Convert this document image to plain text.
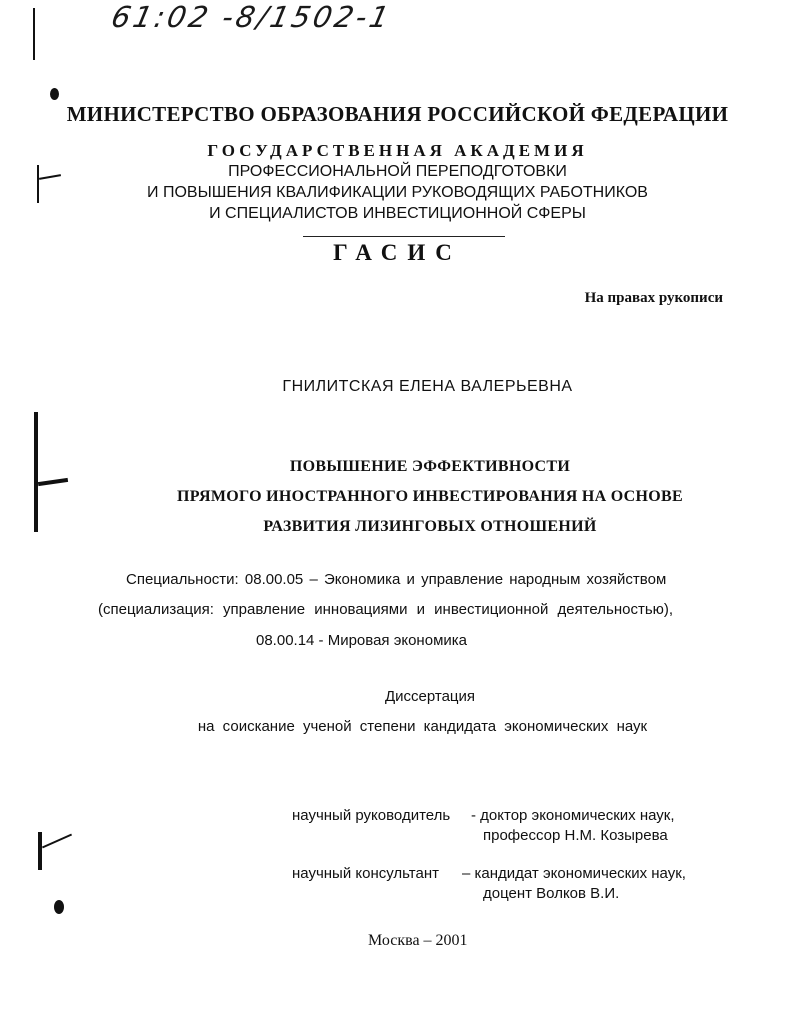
61:02 -8/1502-1
МИНИСТЕРСТВО ОБРАЗОВАНИЯ РОССИЙСКОЙ ФЕДЕРАЦИИ
ГОСУДАРСТВЕННАЯ АКАДЕМИЯ
ПРОФЕССИОНАЛЬНОЙ ПЕРЕПОДГОТОВКИ
И ПОВЫШЕНИЯ КВАЛИФИКАЦИИ РУКОВОДЯЩИХ РАБОТНИКОВ
И СПЕЦИАЛИСТОВ ИНВЕСТИЦИОННОЙ СФЕРЫ
ГАСИС
На правах рукописи
ГНИЛИТСКАЯ ЕЛЕНА ВАЛЕРЬЕВНА
ПОВЫШЕНИЕ ЭФФЕКТИВНОСТИ
ПРЯМОГО ИНОСТРАННОГО ИНВЕСТИРОВАНИЯ НА ОСНОВЕ
РАЗВИТИЯ ЛИЗИНГОВЫХ ОТНОШЕНИЙ
Специальности: 08.00.05 – Экономика и управление народным хозяйством
(специализация: управление инновациями и инвестиционной деятельностью),
08.00.14 - Мировая экономика
Диссертация
на соискание ученой степени кандидата экономических наук
научный руководитель - доктор экономических наук,
профессор Н.М. Козырева
научный консультант – кандидат экономических наук,
доцент Волков В.И.
Москва – 2001
